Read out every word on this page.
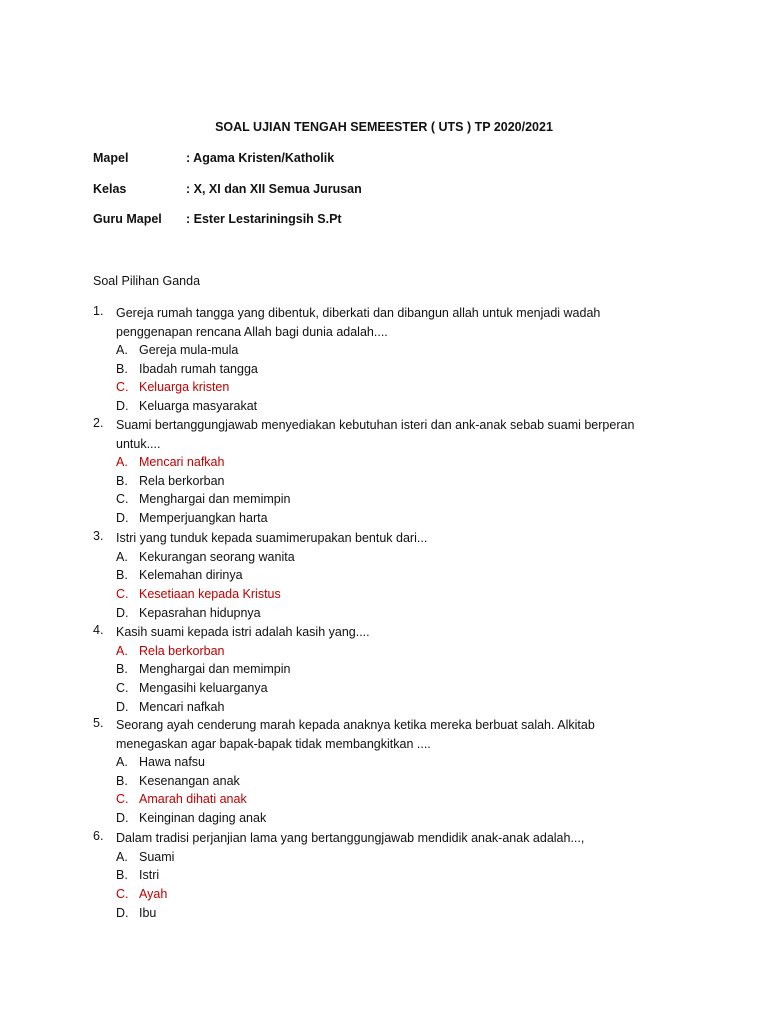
SOAL UJIAN TENGAH SEMEESTER ( UTS ) TP 2020/2021
Mapel	: Agama Kristen/Katholik
Kelas	: X, XI dan XII Semua Jurusan
Guru Mapel : Ester Lestariningsih S.Pt
Soal Pilihan Ganda
1.	Gereja rumah tangga yang dibentuk, diberkati dan dibangun allah untuk menjadi wadah
penggenapan rencana Allah bagi dunia adalah....
A. Gereja mula-mula
B. Ibadah rumah tangga
C. Keluarga kristen
D. Keluarga masyarakat
2.	Suami bertanggungjawab menyediakan kebutuhan isteri dan ank-anak sebab suami berperan
untuk....
A. Mencari nafkah
B. Rela berkorban
C. Menghargai dan memimpin
D. Memperjuangkan harta
3.	Istri yang tunduk kepada suamimerupakan bentuk dari...
A. Kekurangan seorang wanita
B. Kelemahan dirinya
C. Kesetiaan kepada Kristus
D. Kepasrahan hidupnya
4.	Kasih suami kepada istri adalah kasih yang....
A. Rela berkorban
B. Menghargai dan memimpin
C. Mengasihi keluarganya
D. Mencari nafkah
5.	Seorang ayah cenderung marah kepada anaknya ketika mereka berbuat salah. Alkitab
menegaskan agar bapak-bapak tidak membangkitkan ....
A. Hawa nafsu
B. Kesenangan anak
C. Amarah dihati anak
D. Keinginan daging anak
6.	Dalam tradisi perjanjian lama yang bertanggungjawab mendidik anak-anak adalah...,
A. Suami
B. Istri
C. Ayah
D. Ibu
